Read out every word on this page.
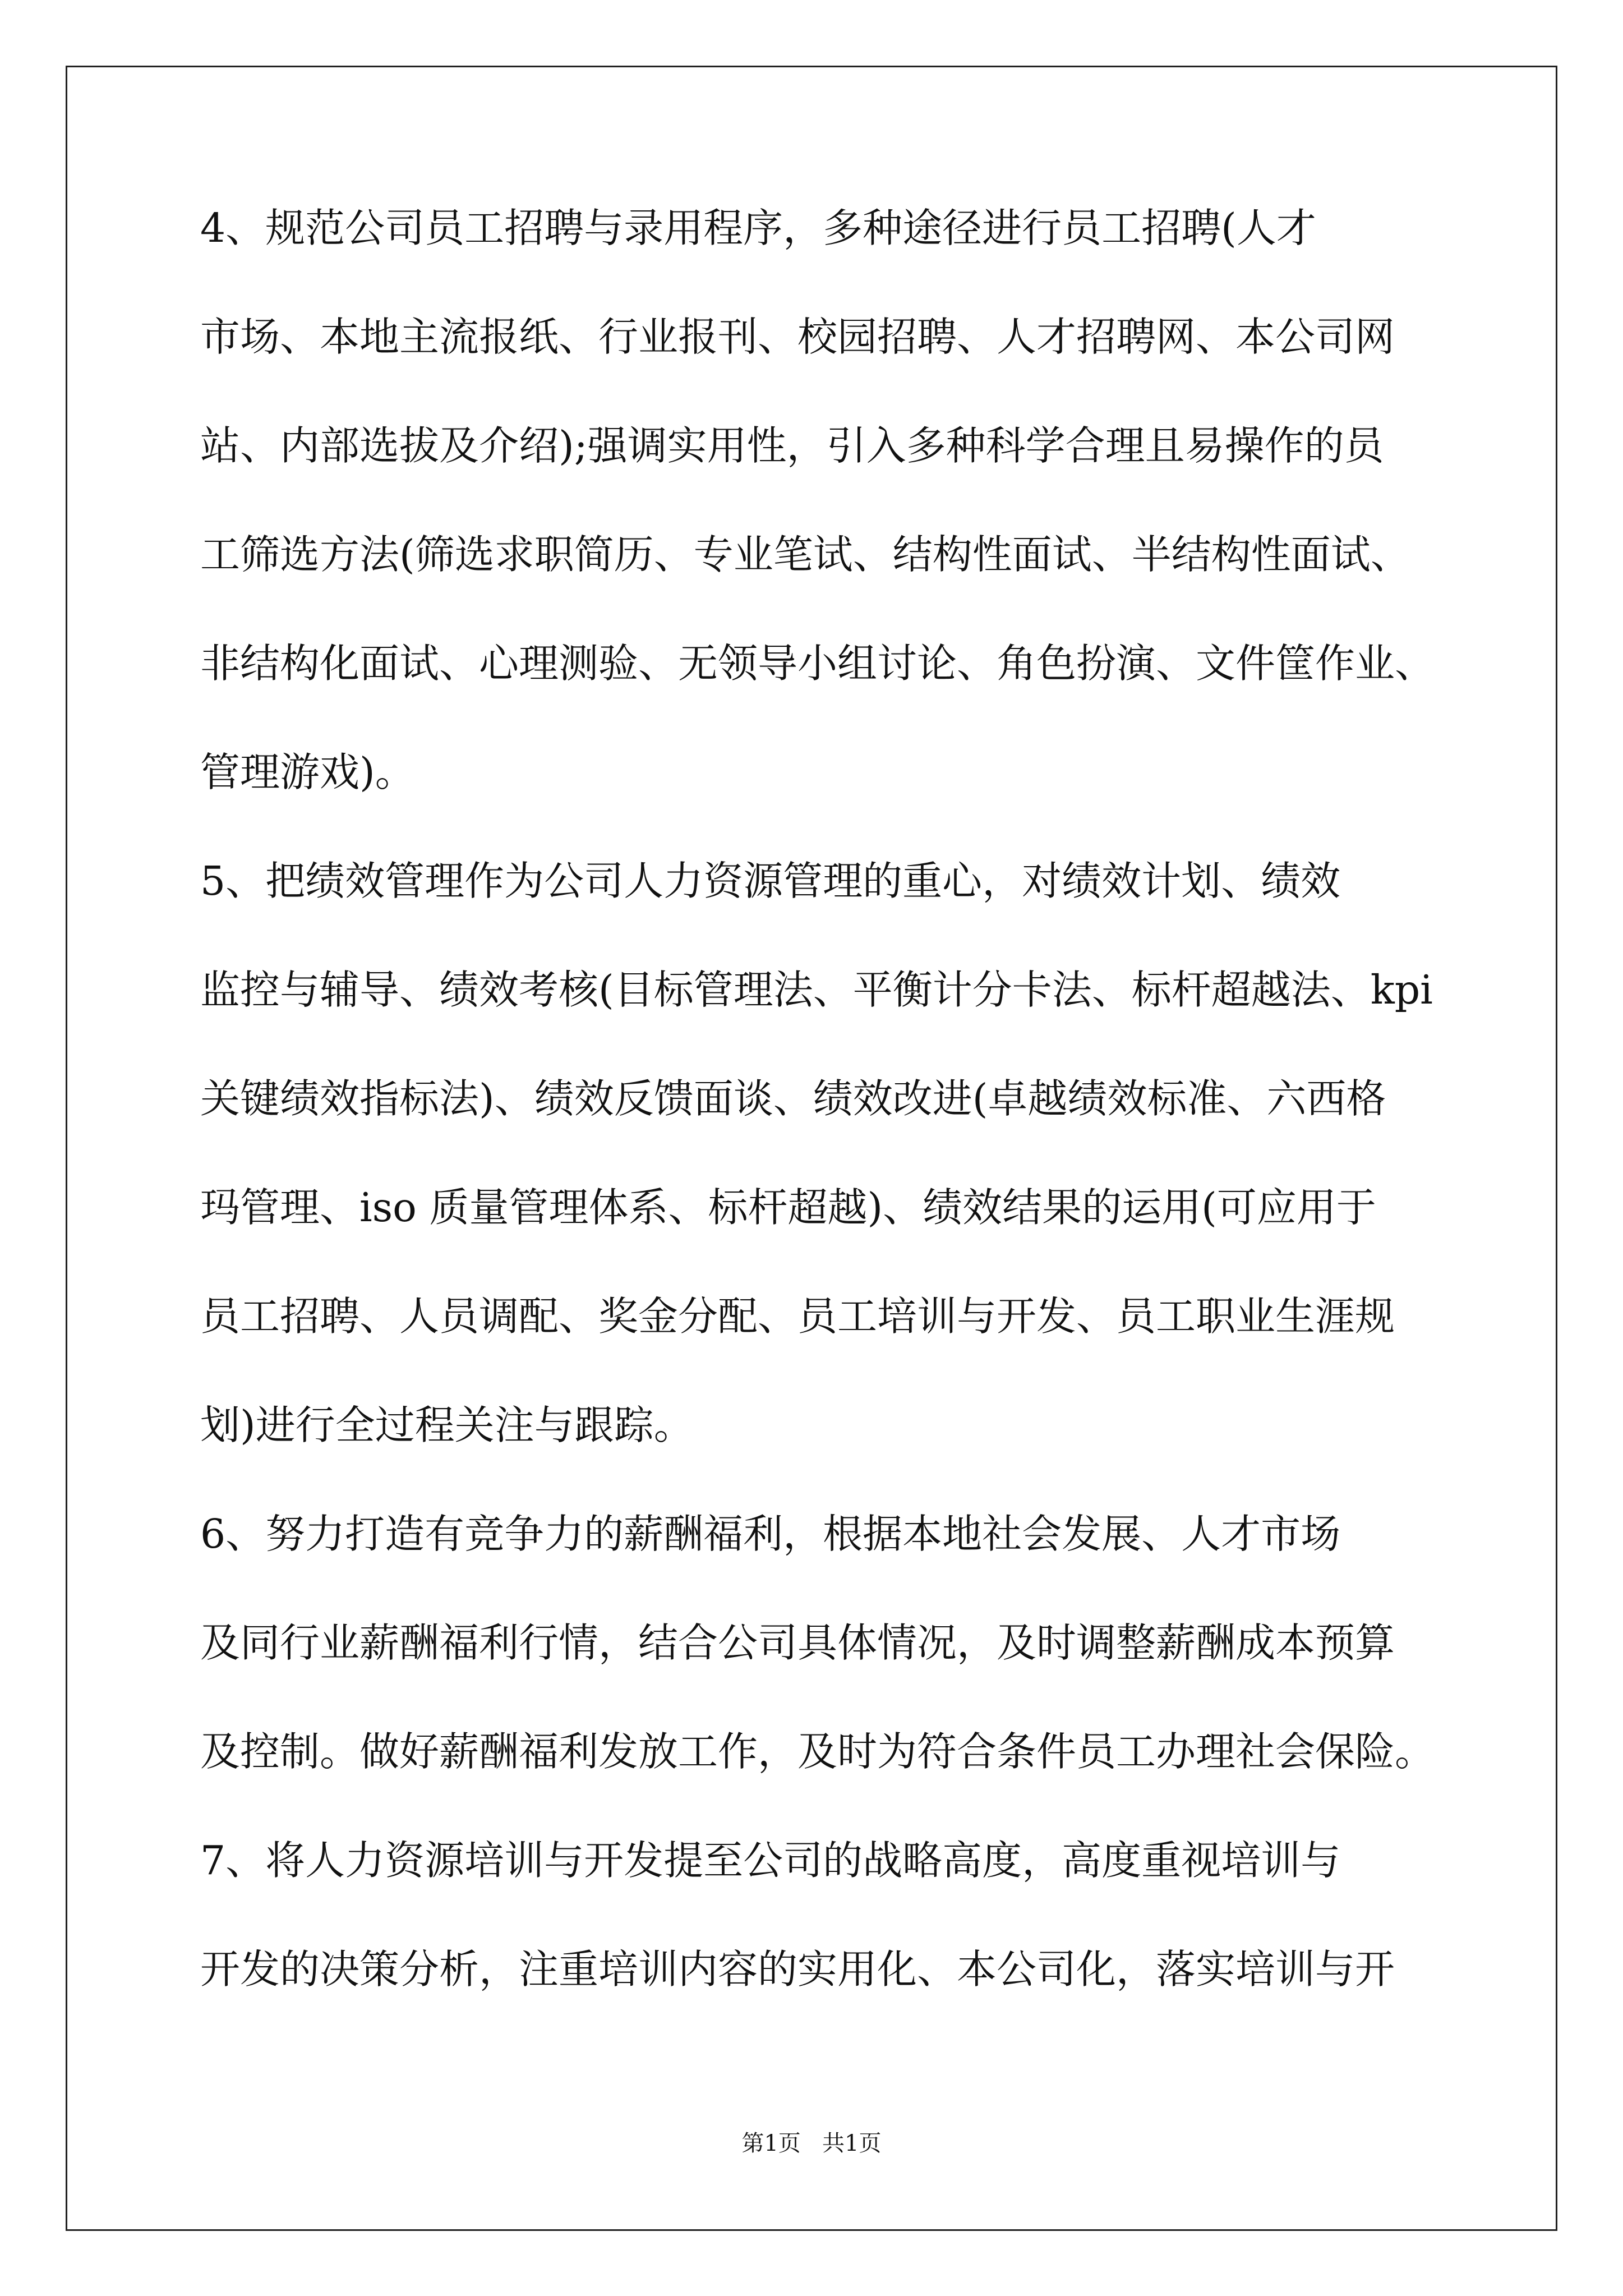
4、规范公司员工招聘与录用程序，多种途径进行员工招聘(人才
市场、本地主流报纸、行业报刊、校园招聘、人才招聘网、本公司网
站、内部选拔及介绍);强调实用性，引入多种科学合理且易操作的员
工筛选方法(筛选求职简历、专业笔试、结构性面试、半结构性面试、
非结构化面试、心理测验、无领导小组讨论、角色扮演、文件筐作业、
管理游戏)。
5、把绩效管理作为公司人力资源管理的重心，对绩效计划、绩效
监控与辅导、绩效考核(目标管理法、平衡计分卡法、标杆超越法、kpi
关键绩效指标法)、绩效反馈面谈、绩效改进(卓越绩效标准、六西格
玛管理、iso 质量管理体系、标杆超越)、绩效结果的运用(可应用于
员工招聘、人员调配、奖金分配、员工培训与开发、员工职业生涯规
划)进行全过程关注与跟踪。
6、努力打造有竞争力的薪酬福利，根据本地社会发展、人才市场
及同行业薪酬福利行情，结合公司具体情况，及时调整薪酬成本预算
及控制。做好薪酬福利发放工作，及时为符合条件员工办理社会保险。
7、将人力资源培训与开发提至公司的战略高度，高度重视培训与
开发的决策分析，注重培训内容的实用化、本公司化，落实培训与开
第1页   共1页
